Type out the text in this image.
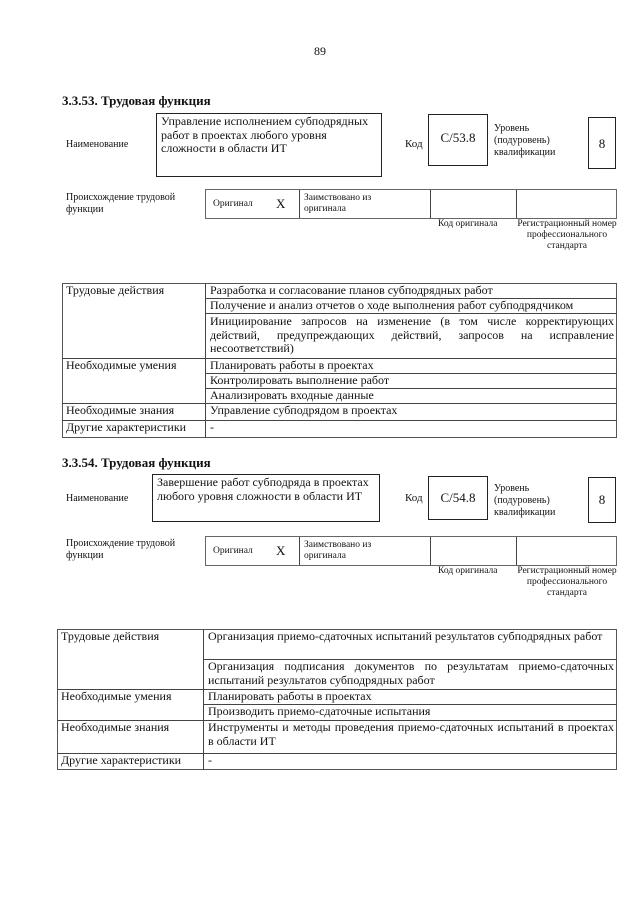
89
3.3.53. Трудовая функция
Наименование
Управление исполнением субподрядных работ в проектах любого уровня сложности в области ИТ	Код	С/53.8
Уровень (подуровень) квалификации
8
Происхождение трудовой функции	Оригинал X Заимствовано из оригинала
Код оригинала Регистрационный номер профессионального стандарта
Трудовые действия	Разработка и согласование планов субподрядных работ
Получение и анализ отчетов о ходе выполнения работ субподрядчиком
Инициирование запросов на изменение (в том числе корректирующих действий, предупреждающих действий, запросов на исправление несоответствий)
Необходимые умения	Планировать работы в проектах
Контролировать выполнение работ
Анализировать входные данные
Необходимые знания	Управление субподрядом в проектах
Другие характеристики -
3.3.54. Трудовая функция
Наименование
Завершение работ субподряда в проектах любого уровня сложности в области ИТ	Код	С/54.8
Уровень (подуровень) квалификации
8
Происхождение трудовой функции	Оригинал X Заимствовано из оригинала
Код оригинала Регистрационный номер профессионального стандарта
Трудовые действия	Организация приемо-сдаточных испытаний результатов субподрядных работ
Организация подписания документов по результатам приемо-сдаточных испытаний результатов субподрядных работ
Необходимые умения	Планировать работы в проектах
Производить приемо-сдаточные испытания
Необходимые знания	Инструменты и методы проведения приемо-сдаточных испытаний в проектах в области ИТ
Другие характеристики -
